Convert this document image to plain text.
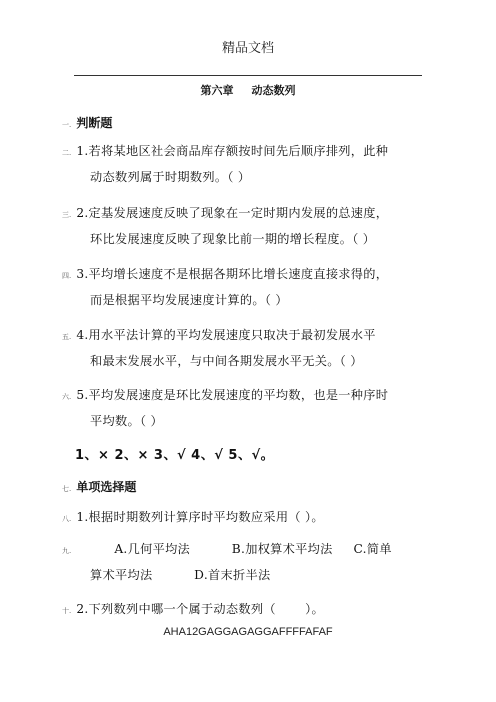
精品文档
第六章 动态数列
一. 判断题
二. 1.若将某地区社会商品库存额按时间先后顺序排列，此种
动态数列属于时期数列。（ ）
三. 2.定基发展速度反映了现象在一定时期内发展的总速度，
环比发展速度反映了现象比前一期的增长程度。（ ）
四. 3.平均增长速度不是根据各期环比增长速度直接求得的，
而是根据平均发展速度计算的。（ ）
五. 4.用水平法计算的平均发展速度只取决于最初发展水平
和最末发展水平，与中间各期发展水平无关。（ ）
六. 5.平均发展速度是环比发展速度的平均数，也是一种序时
平均数。（ ）
1、× 2、× 3、√ 4、√ 5、√。
七. 单项选择题
八. 1.根据时期数列计算序时平均数应采用（ ）。
九.	A.几何平均法          B.加权算术平均法     C.简单
算术平均法          D.首末折半法
十. 2.下列数列中哪一个属于动态数列（       ）。
AHA12GAGGAGAGGAFFFFAFAF
